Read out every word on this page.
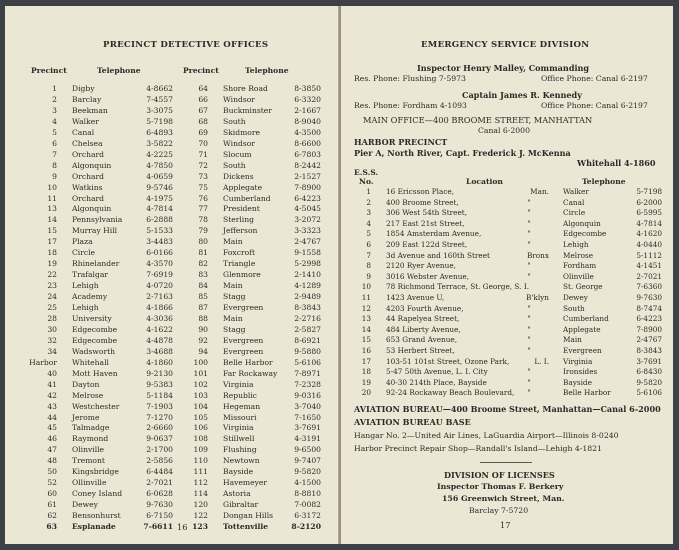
PRECINCT DETECTIVE OFFICES
Precinct	Telephone	Precinct	Telephone
1 Digby	4-8662	64 Shore Road	8-3850
2 Barclay	7-4557	66 Windsor	6-3320
3 Beekman	3-3075	67 Buckminster	2-1667
4 Walker	5-7198	68 South	8-9040
5 Canal	6-4893	69 Skidmore	4-3500
6 Chelsea	3-5822	70 Windsor	8-6600
7 Orchard	4-2225	71 Slocum	6-7803
8 Algonquin	4-7850	72 South	8-2442
9 Orchard	4-0659	73 Dickens	2-1527
10 Watkins	9-5746	75 Applegate	7-8900
11 Orchard	4-1975	76 Cumberland	6-4223
13 Algonquin	4-7814	77 President	4-5045
14 Pennsylvania	6-2888	78 Sterling	3-2072
15 Murray Hill	5-1533	79 Jefferson	3-3323
17 Plaza	3-4483	80 Main	2-4767
18 Circle	6-0166	81 Foxcroft	9-1558
19 Rhinelander	4-3570	82 Triangle	5-2998
22 Trafalgar	7-6919	83 Glenmore	2-1410
23 Lehigh	4-0720	84 Main	4-1289
24 Academy	2-7163	85 Stagg	2-9489
25 Lehigh	4-1866	87 Evergreen	8-3843
28 University	4-3036	88 Main	2-2716
30 Edgecombe	4-1622	90 Stagg	2-5827
32 Edgecombe	4-4878	92 Evergreen	8-6921
34 Wadsworth	3-4688	94 Evergreen	9-5880
Harbor Whitehall	4-1860	100 Belle Harbor	5-6106
40 Mott Haven	9-2130	101 Far Rockaway	7-8971
41 Dayton	9-5383	102 Virginia	7-2328
42 Melrose	5-1184	103 Republic	9-0316
43 Westchester	7-1903	104 Hegeman	3-7040
44 Jerome	7-1270	105 Missouri	7-1650
45 Talmadge	2-6660	106 Virginia	3-7691
46 Raymond	9-0637	108 Stillwell	4-3191
47 Olinville	2-1700	109 Flushing	9-6500
48 Tremont	2-5856	110 Newtown	9-7407
50 Kingsbridge	6-4484	111 Bayside	9-5820
52 Ollinville	2-7021	112 Havemeyer	4-1500
60 Coney Island	6-0628	114 Astoria	8-8810
61 Dewey	9-7630	120 Gibraltar	7-0082
62 Bensonhurst	6-7150	122 Dongan Hills	6-3172
63 Esplanade	7-6611	123 Tottenville	8-2120
16
EMERGENCY SERVICE DIVISION
Inspector Henry Malley, Commanding
Res. Phone: Flushing 7-5973	Office Phone: Canal 6-2197
Captain James R. Kennedy
Res. Phone: Fordham 4-1093	Office Phone: Canal 6-2197
MAIN OFFICE—400 BROOME STREET, MANHATTAN
Canal 6-2000
HARBOR PRECINCT
Pier A, North River, Capt. Frederick J. McKenna
Whitehall 4-1860
E.S.S.
No.	Location	Telephone
1 16 Ericsson Place,	Man. Walker	5-7198
2 400 Broome Street,	"	Canal	6-2000
3 306 West 54th Street,	"	Circle	6-5995
4 217 East 21st Street,	"	Algonquin	4-7814
5 1854 Amsterdam Avenue,	"	Edgecombe	4-1620
6 209 East 122d Street,	"	Lehigh	4-0440
7 3d Avenue and 160th Street	Bronx Melrose	5-1112
8 2120 Ryer Avenue,	"	Fordham	4-1451
9 3016 Webster Avenue,	"	Olinville	2-7021
10 78 Richmond Terrace, St. George, S. I.	St. George	7-6360
11 1423 Avenue U,	B'klyn Dewey	9-7630
12 4203 Fourth Avenue,	"	South	8-7474
13 44 Rapelyea Street,	"	Cumberland	6-4223
14 484 Liberty Avenue,	"	Applegate	7-8900
15 653 Grand Avenue,	"	Main	2-4767
16 53 Herbert Street,	"	Evergreen	8-3843
17 103-51 101st Street, Ozone Park,	L. I. Virginia	3-7691
18 5-47 50th Avenue, L. I. City	"	Ironsides	6-8430
19 40-30 214th Place, Bayside	"	Bayside	9-5820
20 92-24 Rockaway Beach Boulevard,	"	Belle Harbor	5-6106
AVIATION BUREAU—400 Broome Street, Manhattan—Canal 6-2000
AVIATION BUREAU BASE
Hangar No. 2—United Air Lines, LaGuardia Airport—Illinois 8-0240
Harbor Precinct Repair Shop—Randall's Island—Lehigh 4-1821
DIVISION OF LICENSES
Inspector Thomas F. Berkery
156 Greenwich Street, Man.
Barclay 7-5720
17
